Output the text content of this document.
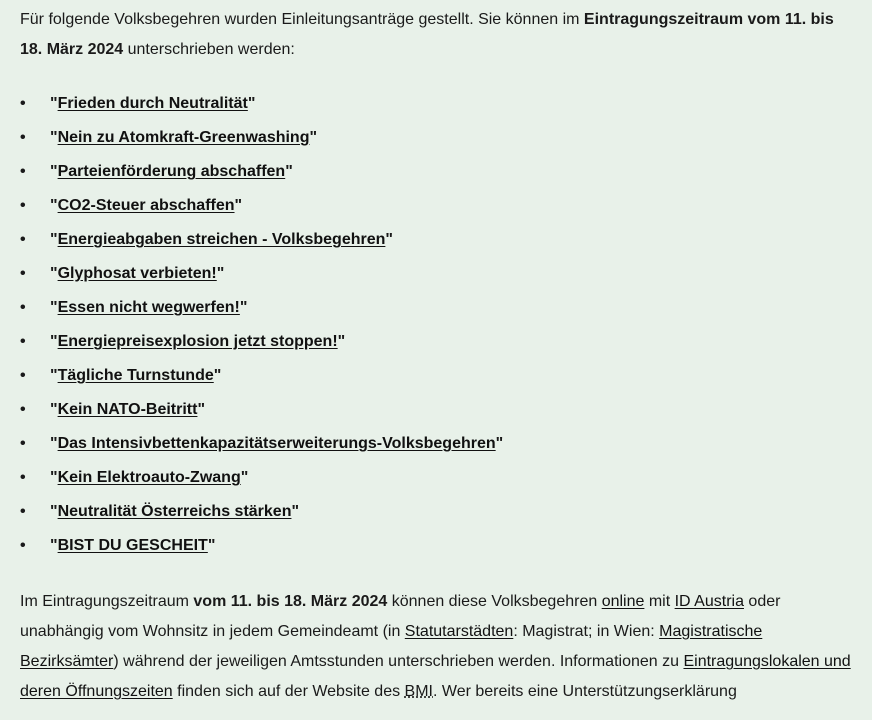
Für folgende Volksbegehren wurden Einleitungsanträge gestellt. Sie können im Eintragungszeitraum vom 11. bis 18. März 2024 unterschrieben werden:

• "Frieden durch Neutralität"
• "Nein zu Atomkraft-Greenwashing"
• "Parteienförderung abschaffen"
• "CO2-Steuer abschaffen"
• "Energieabgaben streichen - Volksbegehren"
• "Glyphosat verbieten!"
• "Essen nicht wegwerfen!"
• "Energiepreisexplosion jetzt stoppen!"
• "Tägliche Turnstunde"
• "Kein NATO-Beitritt"
• "Das Intensivbettenkapazitätserweiterungs-Volksbegehren"
• "Kein Elektroauto-Zwang"
• "Neutralität Österreichs stärken"
• "BIST DU GESCHEIT"

Im Eintragungszeitraum vom 11. bis 18. März 2024 können diese Volksbegehren online mit ID Austria oder unabhängig vom Wohnsitz in jedem Gemeindeamt (in Statutarstädten: Magistrat; in Wien: Magistratische Bezirksämter) während der jeweiligen Amtsstunden unterschrieben werden. Informationen zu Eintragungslokalen und deren Öffnungszeiten finden sich auf der Website des BMI. Wer bereits eine Unterstützungserklärung
